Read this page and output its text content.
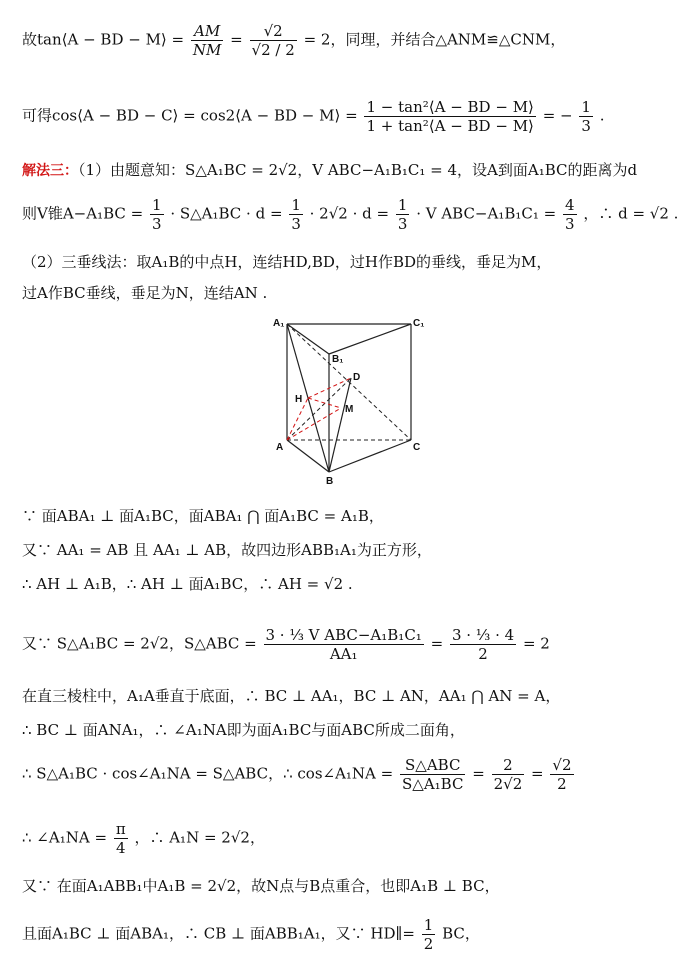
故tan⟨A − BD − M⟩ = $\frac{AM}{NM} = \frac{√2}{√2 / 2} = 2$，同理，并结合△ANM≌△CNM，
可得cos⟨A − BD − C⟩ = cos2⟨A − BD − M⟩ = $\frac{\text{1 − tan²⟨A − BD − M⟩}}{\text{1 + tan²⟨A − BD − M⟩}}$ = − $\frac{1}{3}$ .
解法三：（1）由题意知：S△A₁BC = 2√2，V ABC−A₁B₁C₁ = 4，设A到面A₁BC的距离为d
则V锥$A-A_1BC = \frac{1}{3}$ · S△A₁BC · $d = \frac{1}{3} \cdot 2√2 \cdot d = \frac{1}{3} \cdot V$ $ABC-A_1B_1C_1 = \frac{4}{3}$ ，∴ d = √2 .
（2）三垂线法：取A₁B的中点H，连结HD,BD，过H作BD的垂线，垂足为M，
过A作BC垂线，垂足为N，连结AN .
A₁	C₁
B₁
D
H
M
A	C
B
∵ 面ABA₁ ⊥ 面A₁BC，面ABA₁ ⋂ 面A₁BC = A₁B，
又∵ AA₁ = AB 且 AA₁ ⊥ AB，故四边形ABB₁A₁为正方形，
∴ AH ⊥ A₁B，∴ AH ⊥ 面A₁BC，∴ AH = √2 .
又∵ S△A₁BC = 2√2，S△ABC = $\frac{\text{3 · ⅓ V ABC−A₁B₁C₁}}{\text{AA₁}} = \frac{\text{3 · ⅓ · 4}}{2} = 2$
在直三棱柱中，A₁A垂直于底面，∴ BC ⊥ AA₁，BC ⊥ AN，AA₁ ⋂ AN = A，
∴ BC ⊥ 面ANA₁，∴ ∠A₁NA即为面A₁BC与面ABC所成二面角，
∴ S△A₁BC · cos∠A₁NA = S△ABC，∴ cos∠A₁NA = $\frac{\text{S△ABC}}{\text{S△A₁BC}} = \frac{2}{2√2} = \frac{√2}{2}$
∴ ∠A₁NA = $\frac{\pi}{4}$ ，∴ A₁N = 2√2，
又∵ 在面A₁ABB₁中A₁B = 2√2，故N点与B点重合，也即A₁B ⊥ BC，
且面A₁BC ⊥ 面ABA₁，∴ CB ⊥ 面ABB₁A₁，又∵ HD∥= $\frac{1}{2}$ BC，
